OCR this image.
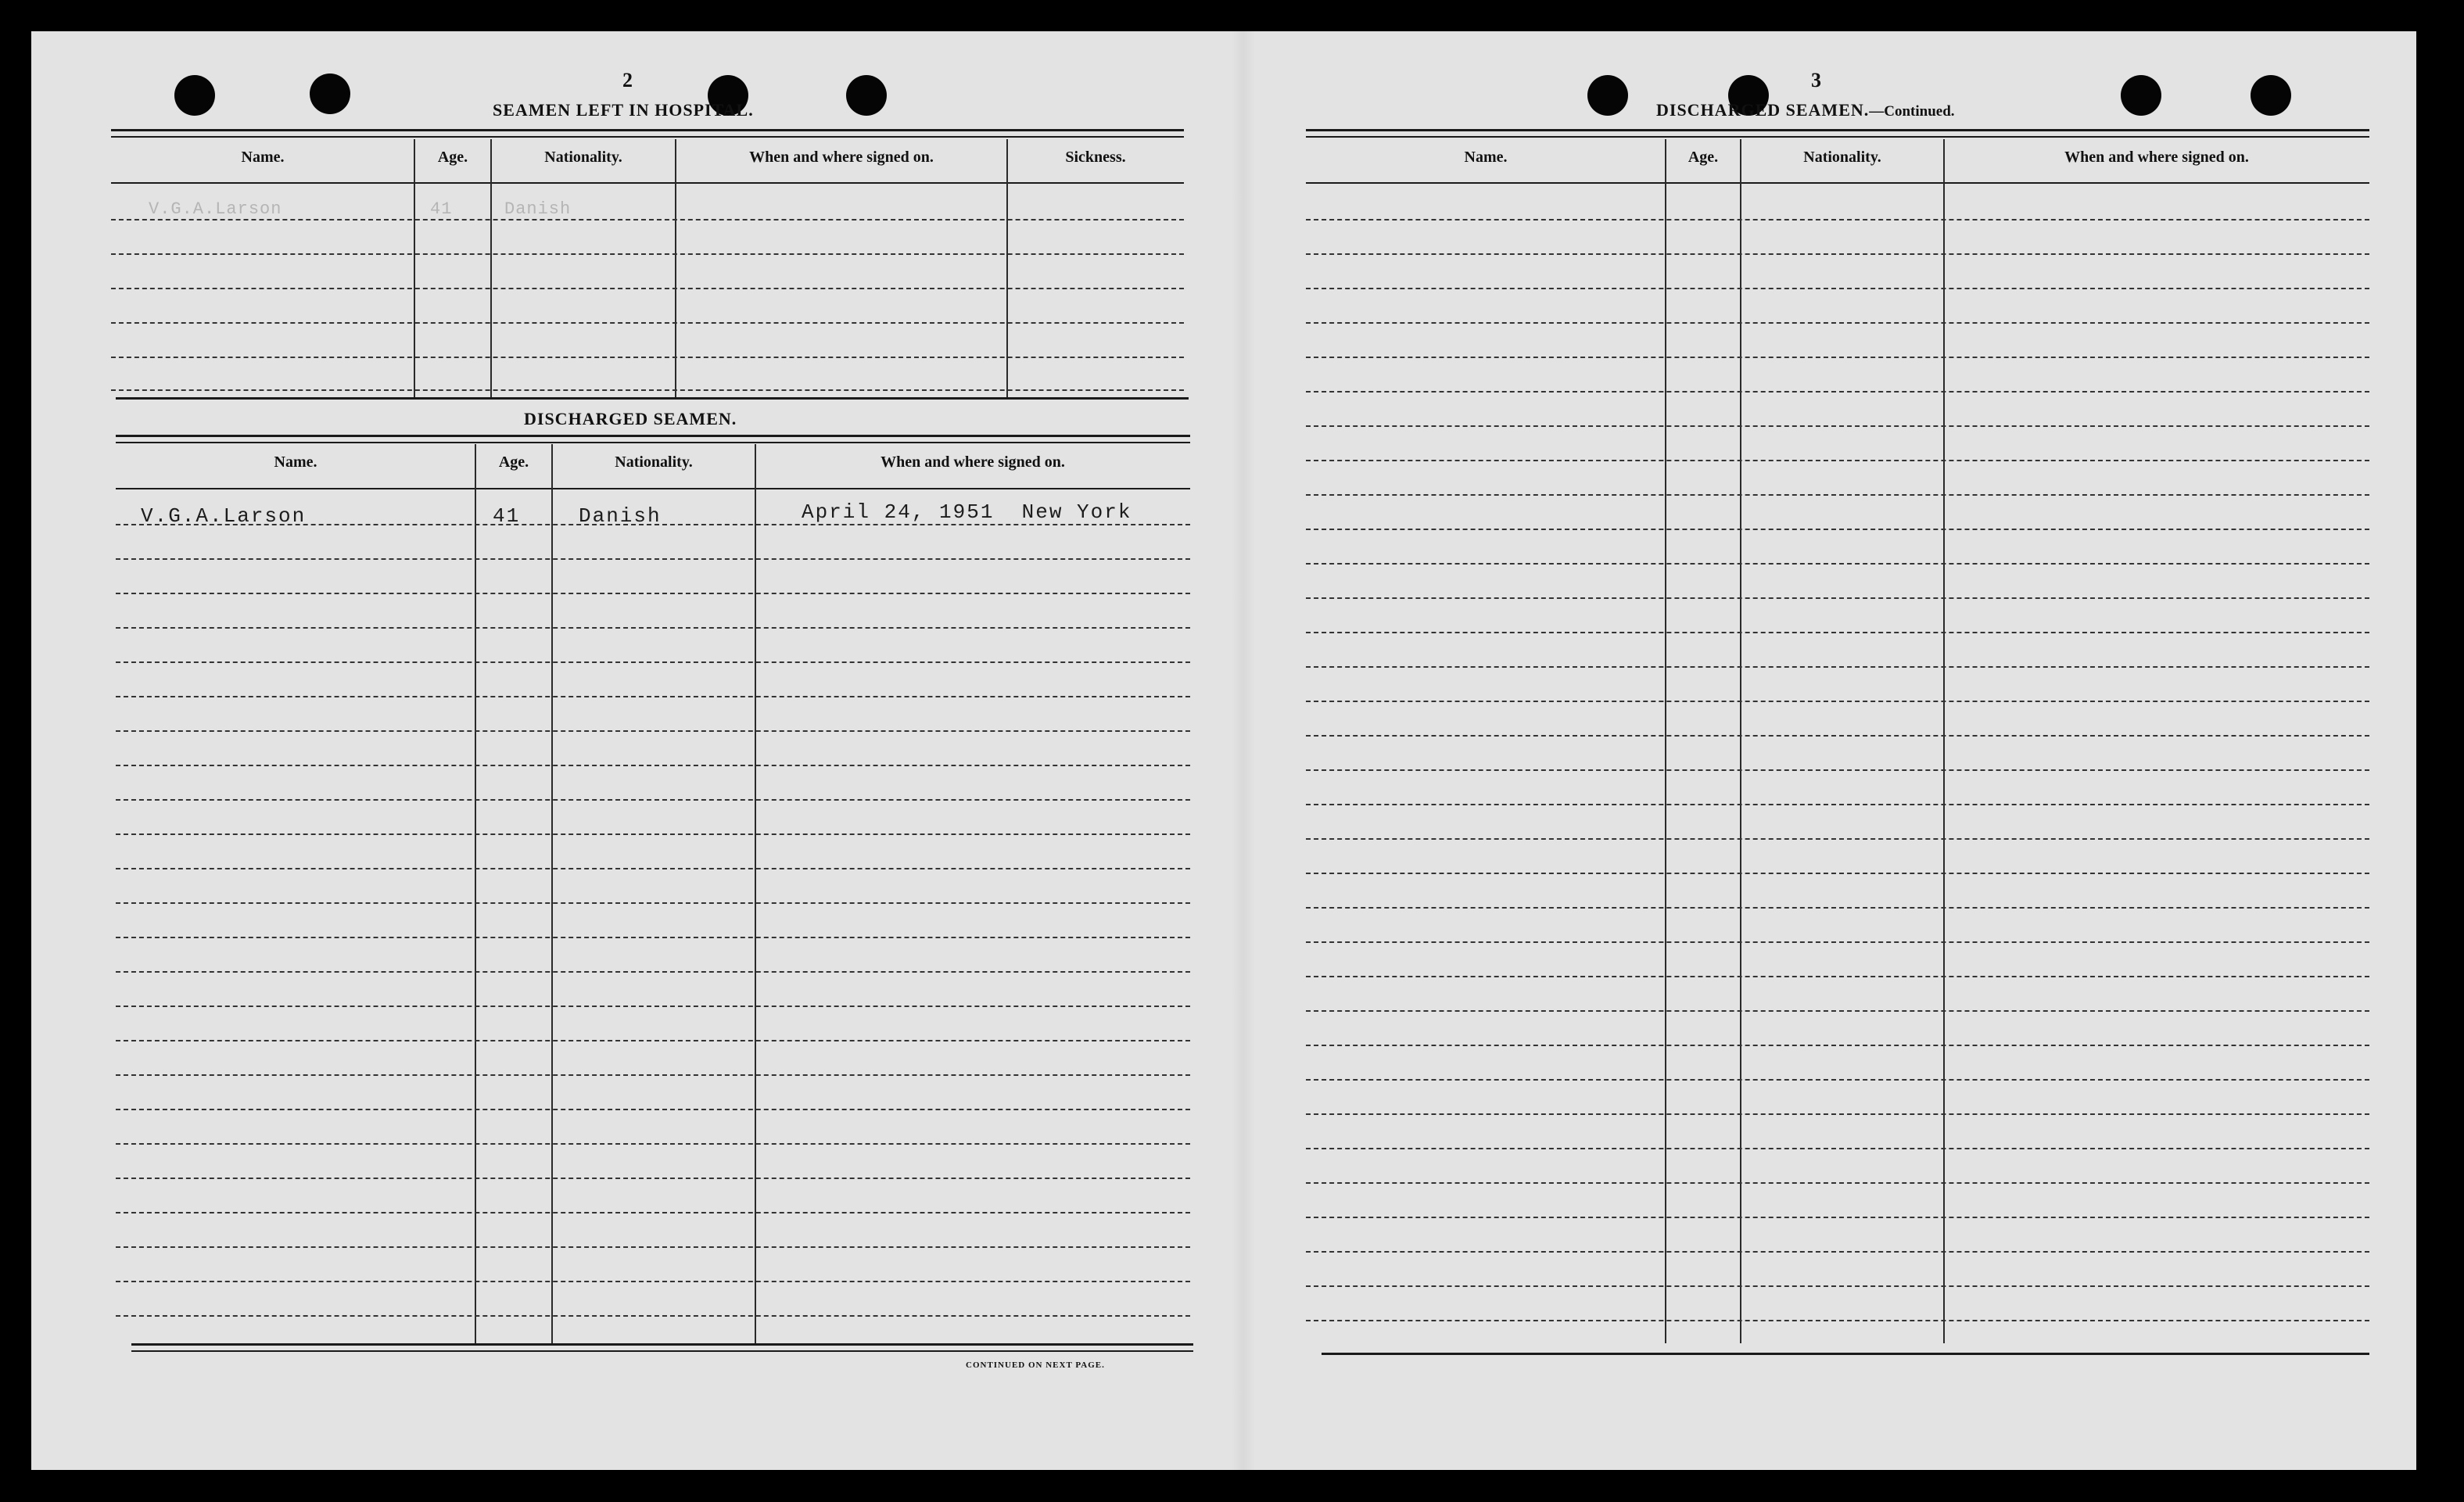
2
SEAMEN LEFT IN HOSPITAL.
Name.	Age.	Nationality.	When and where signed on.	Sickness.
V.G.A.Larson	41	Danish
DISCHARGED SEAMEN.
Name.	Age.	Nationality.	When and where signed on.
V.G.A.Larson	41	Danish	April 24, 1951  New York
CONTINUED ON NEXT PAGE.
3
DISCHARGED SEAMEN.—Continued.
Name.	Age.	Nationality.	When and where signed on.
